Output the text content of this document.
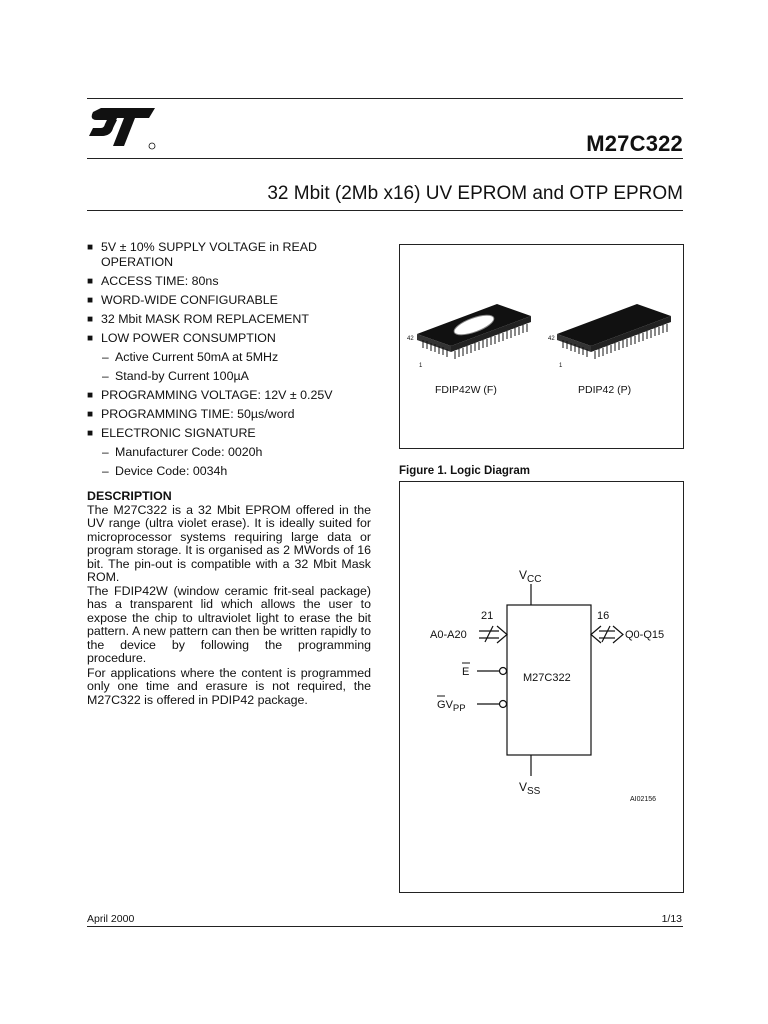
M27C322
32 Mbit (2Mb x16) UV EPROM and OTP EPROM
■ 5V ± 10% SUPPLY VOLTAGE in READ OPERATION
■ ACCESS TIME: 80ns
■ WORD-WIDE CONFIGURABLE
■ 32 Mbit MASK ROM REPLACEMENT
■ LOW POWER CONSUMPTION
– Active Current 50mA at 5MHz
– Stand-by Current 100µA
■ PROGRAMMING VOLTAGE: 12V ± 0.25V
■ PROGRAMMING TIME: 50µs/word
■ ELECTRONIC SIGNATURE
– Manufacturer Code: 0020h
– Device Code: 0034h
DESCRIPTION

The M27C322 is a 32 Mbit EPROM offered in the UV range (ultra violet erase). It is ideally suited for microprocessor systems requiring large data or program storage. It is organised as 2 MWords of 16 bit. The pin-out is compatible with a 32 Mbit Mask ROM.

The FDIP42W (window ceramic frit-seal package) has a transparent lid which allows the user to expose the chip to ultraviolet light to erase the bit pattern. A new pattern can then be written rapidly to the device by following the programming procedure.

For applications where the content is programmed only one time and erasure is not required, the M27C322 is offered in PDIP42 package.

42
1
42
1
FDIP42W (F)	PDIP42 (P)
Figure 1. Logic Diagram
$V_{CC}$
$V_{SS}$
21	16
A0-A20	Q0-Q15
M27C322
E
GVPP
AI02156
April 2000	1/13
